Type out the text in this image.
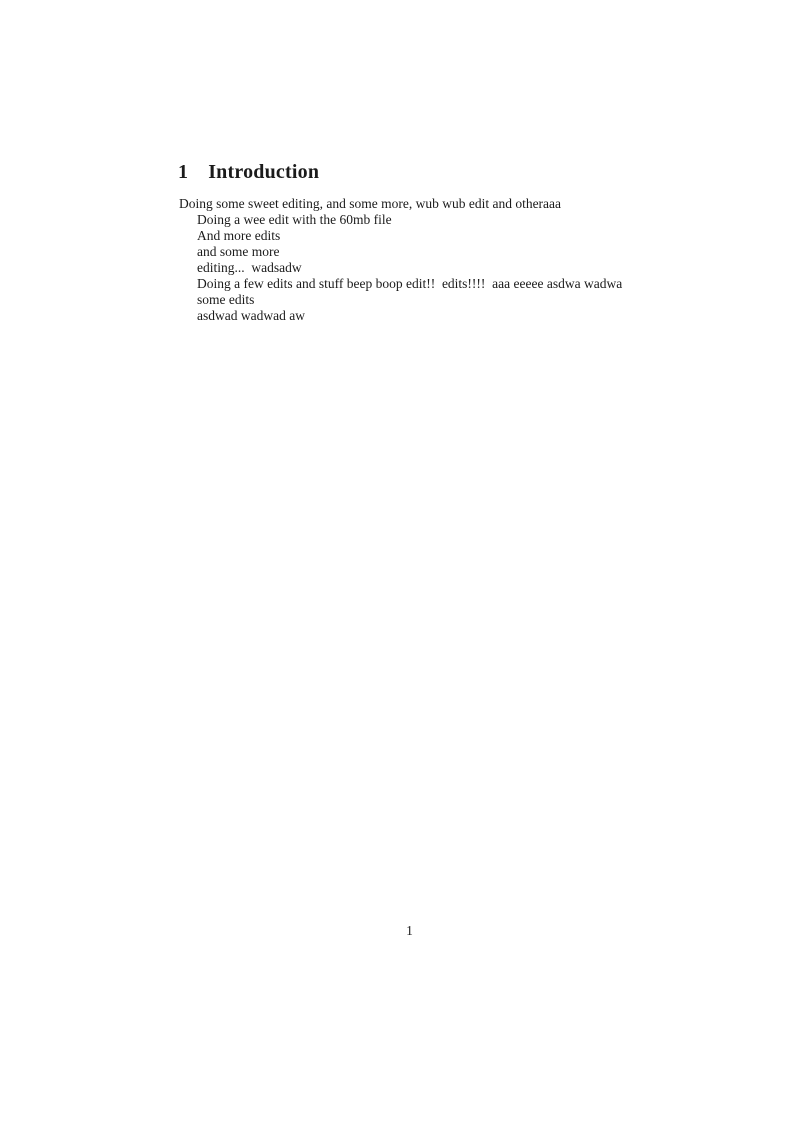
1 Introduction

Doing some sweet editing, and some more, wub wub edit and otheraaa

Doing a wee edit with the 60mb file

And more edits

and some more

editing...  wadsadw

Doing a few edits and stuff beep boop edit!!  edits!!!!  aaa eeeee asdwa wadwa

some edits

asdwad wadwad aw

1
